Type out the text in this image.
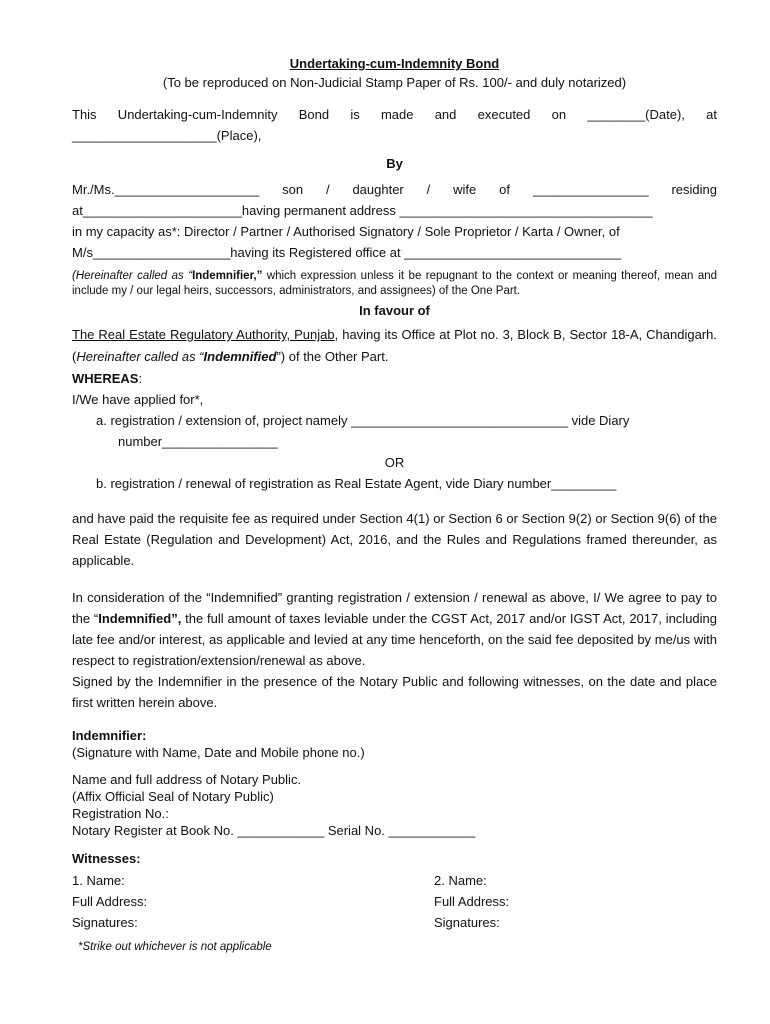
Undertaking-cum-Indemnity Bond
(To be reproduced on Non-Judicial Stamp Paper of Rs. 100/- and duly notarized)
This Undertaking-cum-Indemnity Bond is made and executed on ________(Date), at ____________________(Place),
By
Mr./Ms.____________________ son / daughter / wife of ________________ residing
at______________________having permanent address ___________________________________
in my capacity as*: Director / Partner / Authorised Signatory / Sole Proprietor / Karta / Owner, of
M/s___________________having its Registered office at ______________________________
(Hereinafter called as “Indemnifier,” which expression unless it be repugnant to the context or meaning thereof, mean and include my / our legal heirs, successors, administrators, and assignees) of the One Part.
In favour of
The Real Estate Regulatory Authority, Punjab, having its Office at Plot no. 3, Block B, Sector 18-A, Chandigarh. (Hereinafter called as “Indemnified”) of the Other Part.
WHEREAS:
I/We have applied for*,
a. registration / extension of, project namely ______________________________ vide Diary
number________________
OR
b. registration / renewal of registration as Real Estate Agent, vide Diary number_________
and have paid the requisite fee as required under Section 4(1) or Section 6 or Section 9(2) or Section 9(6) of the Real Estate (Regulation and Development) Act, 2016, and the Rules and Regulations framed thereunder, as applicable.
In consideration of the “Indemnified” granting registration / extension / renewal as above, I/ We agree to pay to the “Indemnified”, the full amount of taxes leviable under the CGST Act, 2017 and/or IGST Act, 2017, including late fee and/or interest, as applicable and levied at any time henceforth, on the said fee deposited by me/us with respect to registration/extension/renewal as above.
Signed by the Indemnifier in the presence of the Notary Public and following witnesses, on the date and place first written herein above.
Indemnifier:
(Signature with Name, Date and Mobile phone no.)
Name and full address of Notary Public.
(Affix Official Seal of Notary Public)
Registration No.:
Notary Register at Book No. ____________ Serial No. ____________
Witnesses:
1. Name:	2. Name:
Full Address:	Full Address:
Signatures:	Signatures:
*Strike out whichever is not applicable
